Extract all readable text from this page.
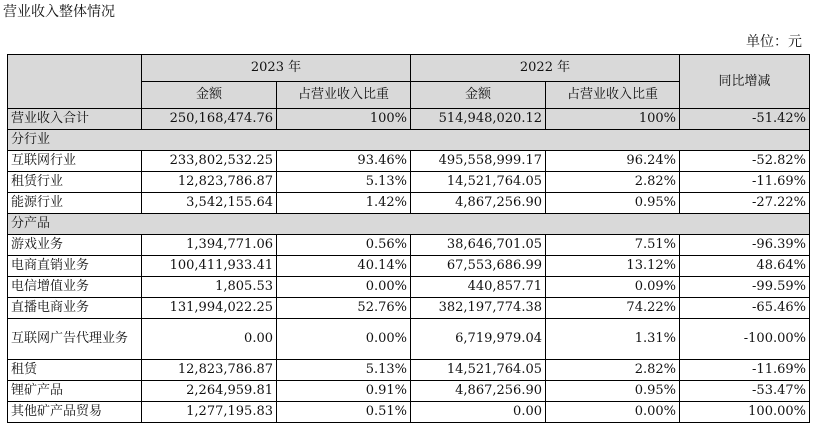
营业收入整体情况
单位：元
	2023 年		2022 年		同比增减
	金额	占营业收入比重	金额	占营业收入比重	
营业收入合计	250,168,474.76	100%	514,948,020.12	100%	-51.42%
分行业					
互联网行业	233,802,532.25	93.46%	495,558,999.17	96.24%	-52.82%
租赁行业	12,823,786.87	5.13%	14,521,764.05	2.82%	-11.69%
能源行业	3,542,155.64	1.42%	4,867,256.90	0.95%	-27.22%
分产品					
游戏业务	1,394,771.06	0.56%	38,646,701.05	7.51%	-96.39%
电商直销业务	100,411,933.41	40.14%	67,553,686.99	13.12%	48.64%
电信增值业务	1,805.53	0.00%	440,857.71	0.09%	-99.59%
直播电商业务	131,994,022.25	52.76%	382,197,774.38	74.22%	-65.46%
互联网广告代理业务	0.00	0.00%	6,719,979.04	1.31%	-100.00%
租赁	12,823,786.87	5.13%	14,521,764.05	2.82%	-11.69%
锂矿产品	2,264,959.81	0.91%	4,867,256.90	0.95%	-53.47%
其他矿产品贸易	1,277,195.83	0.51%	0.00	0.00%	100.00%
